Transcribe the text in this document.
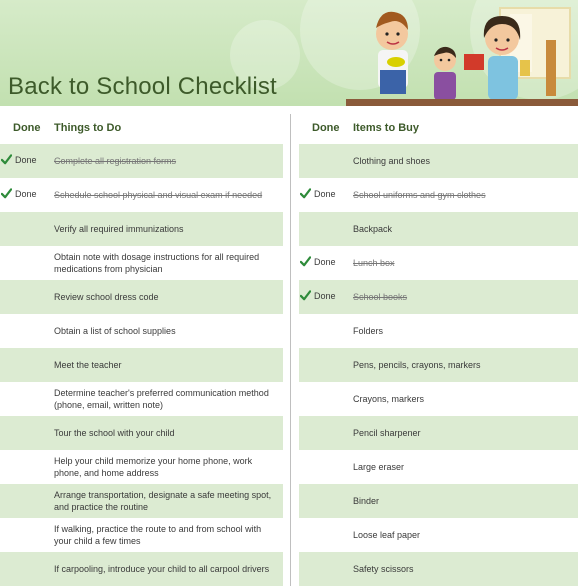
Back to School Checklist
Done Things to Do	Done Items to Buy
Done Complete all registration forms
Done Schedule school physical and visual exam if needed
Verify all required immunizations
Obtain note with dosage instructions for all required medications from physician
Review school dress code
Obtain a list of school supplies
Meet the teacher
Determine teacher's preferred communication method (phone, email, written note)
Tour the school with your child
Help your child memorize your home phone, work phone, and home address
Arrange transportation, designate a safe meeting spot, and practice the routine
If walking, practice the route to and from school with your child a few times
If carpooling, introduce your child to all carpool drivers
Clothing and shoes
Done School uniforms and gym clothes
Backpack
Done Lunch box
Done School books
Folders
Pens, pencils, crayons, markers
Crayons, markers
Pencil sharpener
Large eraser
Binder
Loose leaf paper
Safety scissors
